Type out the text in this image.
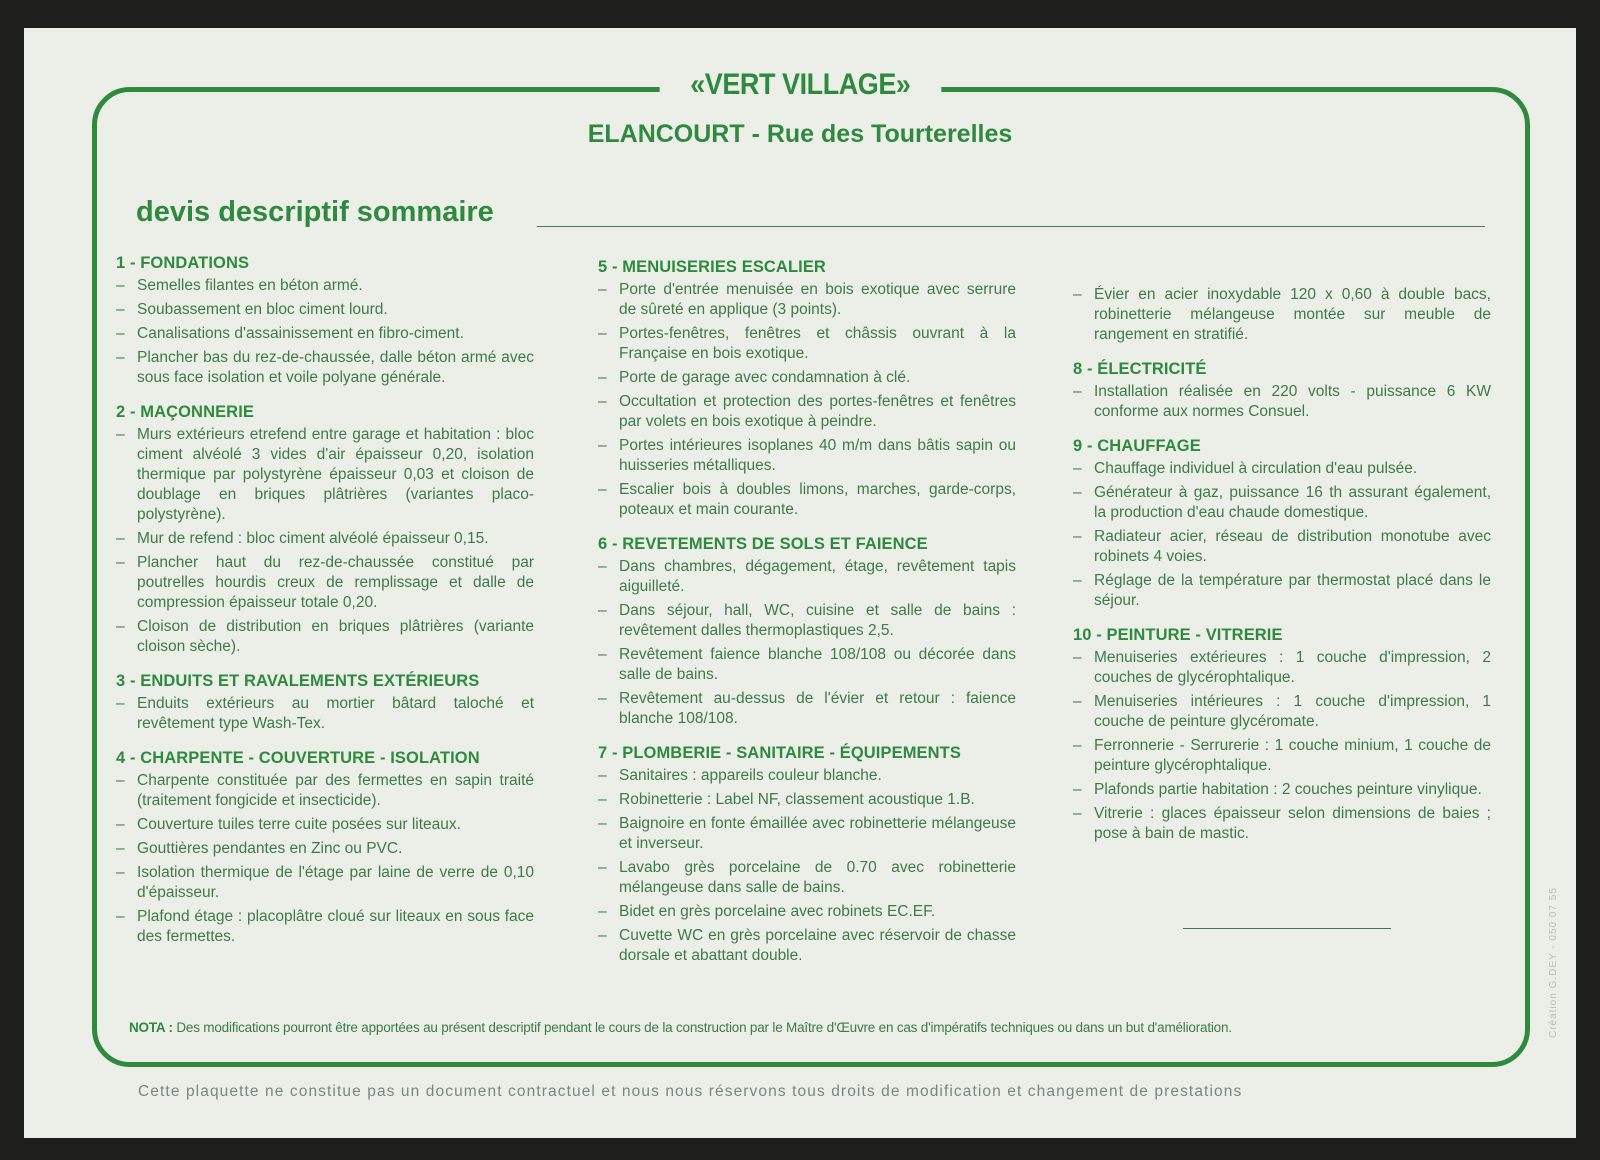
«VERT VILLAGE»
ELANCOURT - Rue des Tourterelles
devis descriptif sommaire
1 - FONDATIONS
– Semelles filantes en béton armé.
– Soubassement en bloc ciment lourd.
– Canalisations d'assainissement en fibro-ciment.
– Plancher bas du rez-de-chaussée, dalle béton armé avec sous face isolation et voile polyane générale.
2 - MAÇONNERIE
– Murs extérieurs etrefend entre garage et habitation : bloc ciment alvéolé 3 vides d'air épaisseur 0,20, isolation thermique par polystyrène épaisseur 0,03 et cloison de doublage en briques plâtrières (variantes placo-polystyrène).
– Mur de refend : bloc ciment alvéolé épaisseur 0,15.
– Plancher haut du rez-de-chaussée constitué par poutrelles hourdis creux de remplissage et dalle de compression épaisseur totale 0,20.
– Cloison de distribution en briques plâtrières (variante cloison sèche).
3 - ENDUITS ET RAVALEMENTS EXTÉRIEURS
– Enduits extérieurs au mortier bâtard taloché et revêtement type Wash-Tex.
4 - CHARPENTE - COUVERTURE - ISOLATION
– Charpente constituée par des fermettes en sapin traité (traitement fongicide et insecticide).
– Couverture tuiles terre cuite posées sur liteaux.
– Gouttières pendantes en Zinc ou PVC.
– Isolation thermique de l'étage par laine de verre de 0,10 d'épaisseur.
– Plafond étage : placoplâtre cloué sur liteaux en sous face des fermettes.
5 - MENUISERIES ESCALIER
– Porte d'entrée menuisée en bois exotique avec serrure de sûreté en applique (3 points).
– Portes-fenêtres, fenêtres et châssis ouvrant à la Française en bois exotique.
– Porte de garage avec condamnation à clé.
– Occultation et protection des portes-fenêtres et fenêtres par volets en bois exotique à peindre.
– Portes intérieures isoplanes 40 m/m dans bâtis sapin ou huisseries métalliques.
– Escalier bois à doubles limons, marches, garde-corps, poteaux et main courante.
6 - REVETEMENTS DE SOLS ET FAIENCE
– Dans chambres, dégagement, étage, revêtement tapis aiguilleté.
– Dans séjour, hall, WC, cuisine et salle de bains : revêtement dalles thermoplastiques 2,5.
– Revêtement faience blanche 108/108 ou décorée dans salle de bains.
– Revêtement au-dessus de l'évier et retour : faience blanche 108/108.
7 - PLOMBERIE - SANITAIRE - ÉQUIPEMENTS
– Sanitaires : appareils couleur blanche.
– Robinetterie : Label NF, classement acoustique 1.B.
– Baignoire en fonte émaillée avec robinetterie mélangeuse et inverseur.
– Lavabo grès porcelaine de 0.70 avec robinetterie mélangeuse dans salle de bains.
– Bidet en grès porcelaine avec robinets EC.EF.
– Cuvette WC en grès porcelaine avec réservoir de chasse dorsale et abattant double.
– Évier en acier inoxydable 120 x 0,60 à double bacs, robinetterie mélangeuse montée sur meuble de rangement en stratifié.
8 - ÉLECTRICITÉ
– Installation réalisée en 220 volts - puissance 6 KW conforme aux normes Consuel.
9 - CHAUFFAGE
– Chauffage individuel à circulation d'eau pulsée.
– Générateur à gaz, puissance 16 th assurant également, la production d'eau chaude domestique.
– Radiateur acier, réseau de distribution monotube avec robinets 4 voies.
– Réglage de la température par thermostat placé dans le séjour.
10 - PEINTURE - VITRERIE
– Menuiseries extérieures : 1 couche d'impression, 2 couches de glycérophtalique.
– Menuiseries intérieures : 1 couche d'impression, 1 couche de peinture glycéromate.
– Ferronnerie - Serrurerie : 1 couche minium, 1 couche de peinture glycérophtalique.
– Plafonds partie habitation : 2 couches peinture vinylique.
– Vitrerie : glaces épaisseur selon dimensions de baies ; pose à bain de mastic.
NOTA : Des modifications pourront être apportées au présent descriptif pendant le cours de la construction par le Maître d'Œuvre en cas d'impératifs techniques ou dans un but d'amélioration.
Cette plaquette ne constitue pas un document contractuel et nous nous réservons tous droits de modification et changement de prestations
Création G.DEY - 050 07 55
